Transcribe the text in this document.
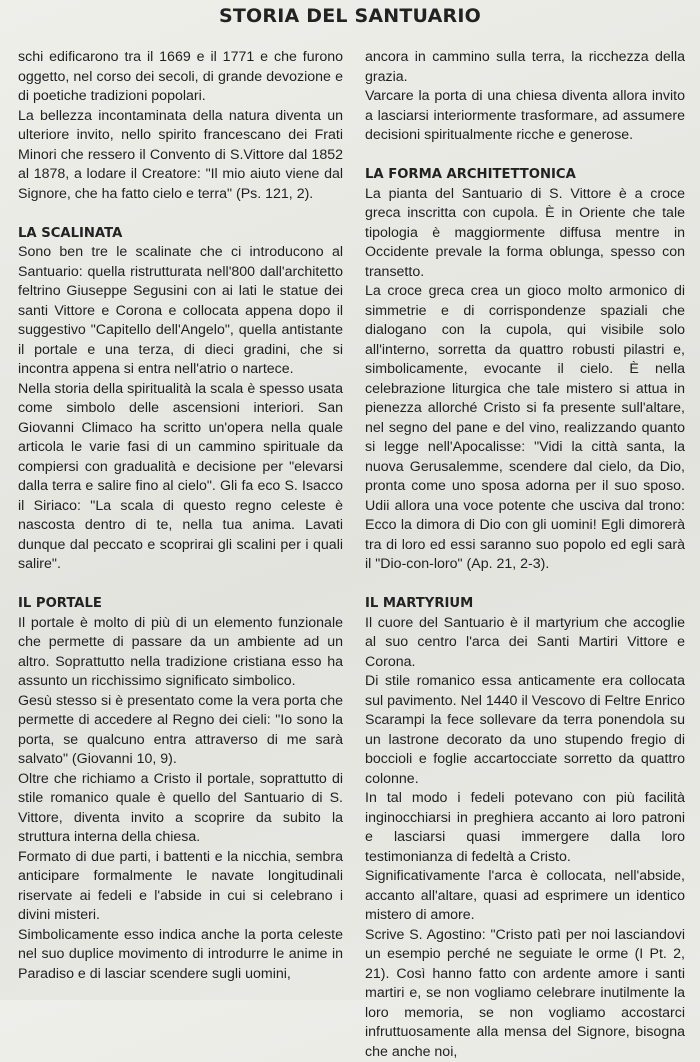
STORIA DEL SANTUARIO

schi edificarono tra il 1669 e il 1771 e che furono oggetto, nel corso dei secoli, di grande devozione e di poetiche tradizioni popolari.

La bellezza incontaminata della natura diventa un ulteriore invito, nello spirito francescano dei Frati Minori che ressero il Convento di S.Vittore dal 1852 al 1878, a lodare il Creatore: "Il mio aiuto viene dal Signore, che ha fatto cielo e terra" (Ps. 121, 2).

LA SCALINATA

Sono ben tre le scalinate che ci introducono al Santuario: quella ristrutturata nell'800 dall'architetto feltrino Giuseppe Segusini con ai lati le statue dei santi Vittore e Corona e collocata appena dopo il suggestivo "Capitello dell'Angelo", quella antistante il portale e una terza, di dieci gradini, che si incontra appena si entra nell'atrio o nartece.

Nella storia della spiritualità la scala è spesso usata come simbolo delle ascensioni interiori. San Giovanni Climaco ha scritto un'opera nella quale articola le varie fasi di un cammino spirituale da compiersi con gradualità e decisione per "elevarsi dalla terra e salire fino al cielo". Gli fa eco S. Isacco il Siriaco: "La scala di questo regno celeste è nascosta dentro di te, nella tua anima. Lavati dunque dal peccato e scoprirai gli scalini per i quali salire".

IL PORTALE

Il portale è molto di più di un elemento funzionale che permette di passare da un ambiente ad un altro. Soprattutto nella tradizione cristiana esso ha assunto un ricchissimo significato simbolico.

Gesù stesso si è presentato come la vera porta che permette di accedere al Regno dei cieli: "Io sono la porta, se qualcuno entra attraverso di me sarà salvato" (Giovanni 10, 9).

Oltre che richiamo a Cristo il portale, soprattutto di stile romanico quale è quello del Santuario di S. Vittore, diventa invito a scoprire da subito la struttura interna della chiesa.

Formato di due parti, i battenti e la nicchia, sembra anticipare formalmente le navate longitudinali riservate ai fedeli e l'abside in cui si celebrano i divini misteri.

Simbolicamente esso indica anche la porta celeste nel suo duplice movimento di introdurre le anime in Paradiso e di lasciar scendere sugli uomini,

ancora in cammino sulla terra, la ricchezza della grazia.

Varcare la porta di una chiesa diventa allora invito a lasciarsi interiormente trasformare, ad assumere decisioni spiritualmente ricche e generose.

LA FORMA ARCHITETTONICA

La pianta del Santuario di S. Vittore è a croce greca inscritta con cupola. È in Oriente che tale tipologia è maggiormente diffusa mentre in Occidente prevale la forma oblunga, spesso con transetto.

La croce greca crea un gioco molto armonico di simmetrie e di corrispondenze spaziali che dialogano con la cupola, qui visibile solo all'interno, sorretta da quattro robusti pilastri e, simbolicamente, evocante il cielo. È nella celebrazione liturgica che tale mistero si attua in pienezza allorché Cristo si fa presente sull'altare, nel segno del pane e del vino, realizzando quanto si legge nell'Apocalisse: "Vidi la città santa, la nuova Gerusalemme, scendere dal cielo, da Dio, pronta come uno sposa adorna per il suo sposo. Udii allora una voce potente che usciva dal trono: Ecco la dimora di Dio con gli uomini! Egli dimorerà tra di loro ed essi saranno suo popolo ed egli sarà il "Dio-con-loro" (Ap. 21, 2-3).

IL MARTYRIUM

Il cuore del Santuario è il martyrium che accoglie al suo centro l'arca dei Santi Martiri Vittore e Corona.

Di stile romanico essa anticamente era collocata sul pavimento. Nel 1440 il Vescovo di Feltre Enrico Scarampi la fece sollevare da terra ponendola su un lastrone decorato da uno stupendo fregio di boccioli e foglie accartocciate sorretto da quattro colonne.

In tal modo i fedeli potevano con più facilità inginocchiarsi in preghiera accanto ai loro patroni e lasciarsi quasi immergere dalla loro testimonianza di fedeltà a Cristo.

Significativamente l'arca è collocata, nell'abside, accanto all'altare, quasi ad esprimere un identico mistero di amore.

Scrive S. Agostino: "Cristo patì per noi lasciandovi un esempio perché ne seguiate le orme (I Pt. 2, 21). Così hanno fatto con ardente amore i santi martiri e, se non vogliamo celebrare inutilmente la loro memoria, se non vogliamo accostarci infruttuosamente alla mensa del Signore, bisogna che anche noi,
